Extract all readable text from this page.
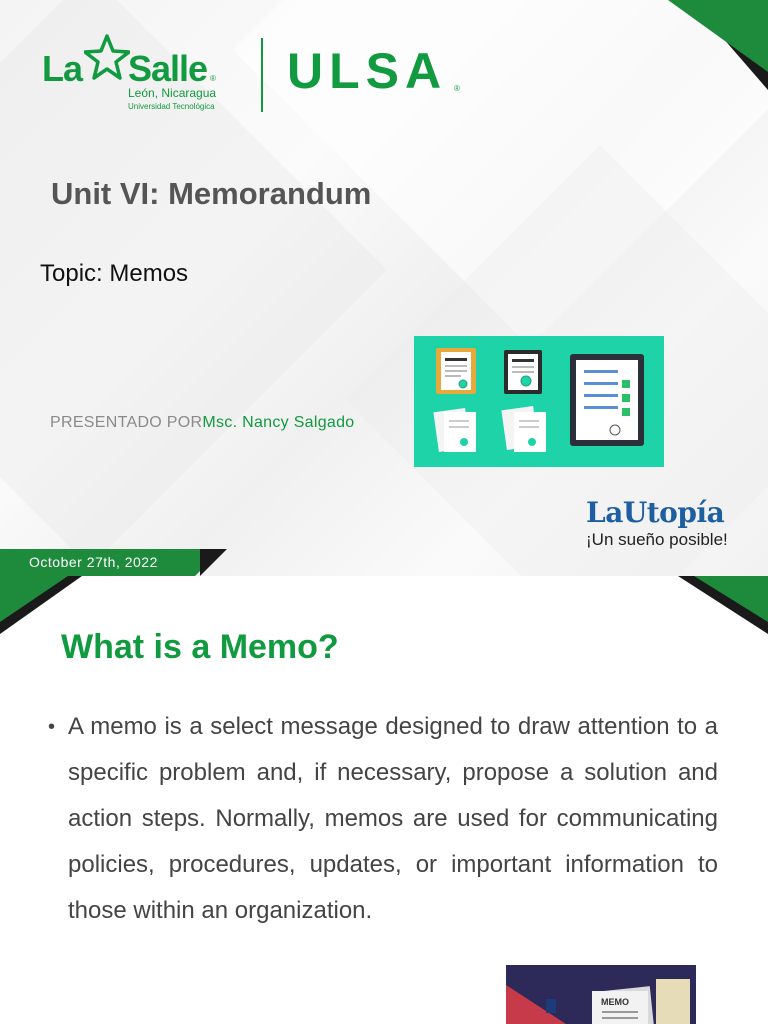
La Salle ®
León, Nicaragua
Universidad Tecnológica
ULSA ®
Unit VI: Memorandum
Topic: Memos
PRESENTADO PORMsc. Nancy Salgado
LaUtopía
¡Un sueño posible!
October 27th, 2022
What is a Memo?
• A memo is a select message designed to draw attention to a specific problem and, if necessary, propose a solution and action steps. Normally, memos are used for communicating policies, procedures, updates, or important information to those within an organization.
MEMO
